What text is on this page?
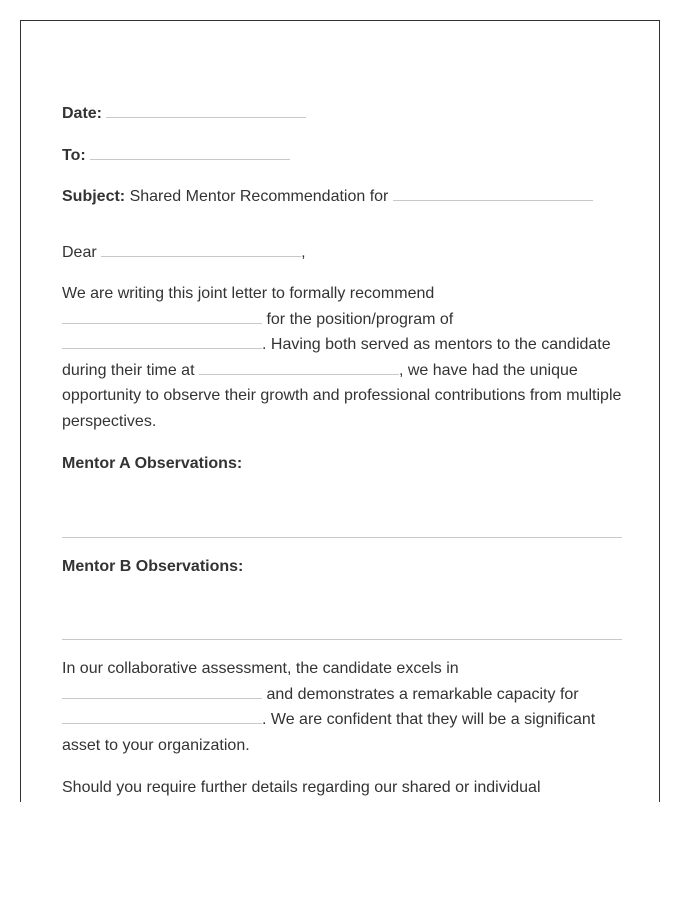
Date:
To:
Subject: Shared Mentor Recommendation for
Dear	,

We are writing this joint letter to formally recommend
for the position/program of
. Having both served as mentors to the candidate during their time at	, we have had the unique opportunity to observe their growth and professional contributions from multiple perspectives.

Mentor A Observations:
Mentor B Observations:

In our collaborative assessment, the candidate excels in
and demonstrates a remarkable capacity for
. We are confident that they will be a significant asset to your organization.

Should you require further details regarding our shared or individual
